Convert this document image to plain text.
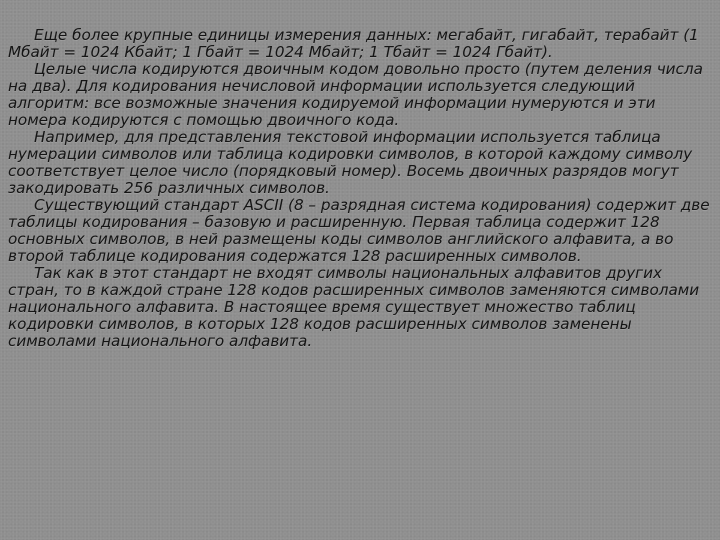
Еще более крупные единицы измерения данных: мегабайт, гигабайт, терабайт (1 Мбайт = 1024 Кбайт; 1 Гбайт = 1024 Мбайт; 1 Тбайт = 1024 Гбайт).

Целые числа кодируются двоичным кодом довольно просто (путем деления числа на два). Для кодирования нечисловой информации используется следующий алгоритм: все возможные значения кодируемой информации нумеруются и эти номера кодируются с помощью двоичного кода.

Например, для представления текстовой информации используется таблица нумерации символов или таблица кодировки символов, в которой каждому символу соответствует целое число (порядковый номер). Восемь двоичных разрядов могут закодировать 256 различных символов.

Существующий стандарт ASCII (8 – разрядная система кодирования) содержит две таблицы кодирования – базовую и расширенную. Первая таблица содержит 128 основных символов, в ней размещены коды символов английского алфавита, а во второй таблице кодирования содержатся 128 расширенных символов.

Так как в этот стандарт не входят символы национальных алфавитов других стран, то в каждой стране 128 кодов расширенных символов заменяются символами национального алфавита. В настоящее время существует множество таблиц кодировки символов, в которых 128 кодов расширенных символов заменены символами национального алфавита.
